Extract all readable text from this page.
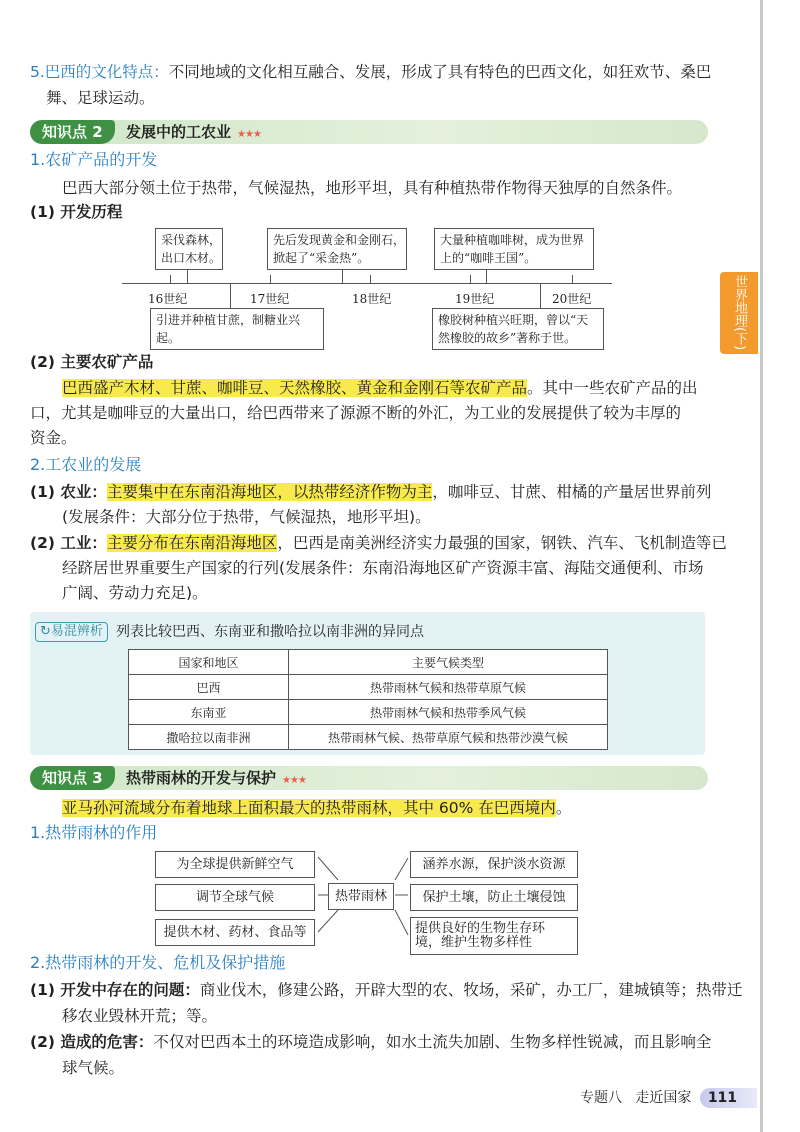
世界地理(下)
5.巴西的文化特点：不同地域的文化相互融合、发展，形成了具有特色的巴西文化，如狂欢节、桑巴
舞、足球运动。
知识点 2	发展中的工农业 ★★★
1.农矿产品的开发
巴西大部分领土位于热带，气候湿热，地形平坦，具有种植热带作物得天独厚的自然条件。
(1) 开发历程
16世纪	17世纪	18世纪	19世纪	20世纪
采伐森林，
出口木材。
先后发现黄金和金刚石，
掀起了“采金热”。
大量种植咖啡树，成为世界
上的“咖啡王国”。
引进并种植甘蔗，制糖业兴起。
橡胶树种植兴旺期，曾以“天
然橡胶的故乡”著称于世。
(2) 主要农矿产品
巴西盛产木材、甘蔗、咖啡豆、天然橡胶、黄金和金刚石等农矿产品。其中一些农矿产品的出
口，尤其是咖啡豆的大量出口，给巴西带来了源源不断的外汇，为工业的发展提供了较为丰厚的
资金。
2.工农业的发展
(1) 农业：主要集中在东南沿海地区，以热带经济作物为主，咖啡豆、甘蔗、柑橘的产量居世界前列
(发展条件：大部分位于热带，气候湿热，地形平坦)。
(2) 工业：主要分布在东南沿海地区，巴西是南美洲经济实力最强的国家，钢铁、汽车、飞机制造等已
经跻居世界重要生产国家的行列(发展条件：东南沿海地区矿产资源丰富、海陆交通便利、市场
广阔、劳动力充足)。
↻易混辨析 列表比较巴西、东南亚和撒哈拉以南非洲的异同点
国家和地区	主要气候类型
巴西	热带雨林气候和热带草原气候
东南亚	热带雨林气候和热带季风气候
撒哈拉以南非洲	热带雨林气候、热带草原气候和热带沙漠气候
知识点 3	热带雨林的开发与保护 ★★★
亚马孙河流域分布着地球上面积最大的热带雨林，其中 60% 在巴西境内。
1.热带雨林的作用
热带雨林
为全球提供新鲜空气
调节全球气候
提供木材、药材、食品等
涵养水源，保护淡水资源
保护土壤，防止土壤侵蚀
提供良好的生物生存环
境，维护生物多样性
2.热带雨林的开发、危机及保护措施
(1) 开发中存在的问题：商业伐木，修建公路，开辟大型的农、牧场，采矿，办工厂，建城镇等；热带迁
移农业毁林开荒；等。
(2) 造成的危害：不仅对巴西本土的环境造成影响，如水土流失加剧、生物多样性锐减，而且影响全
球气候。
专题八 走近国家 111
